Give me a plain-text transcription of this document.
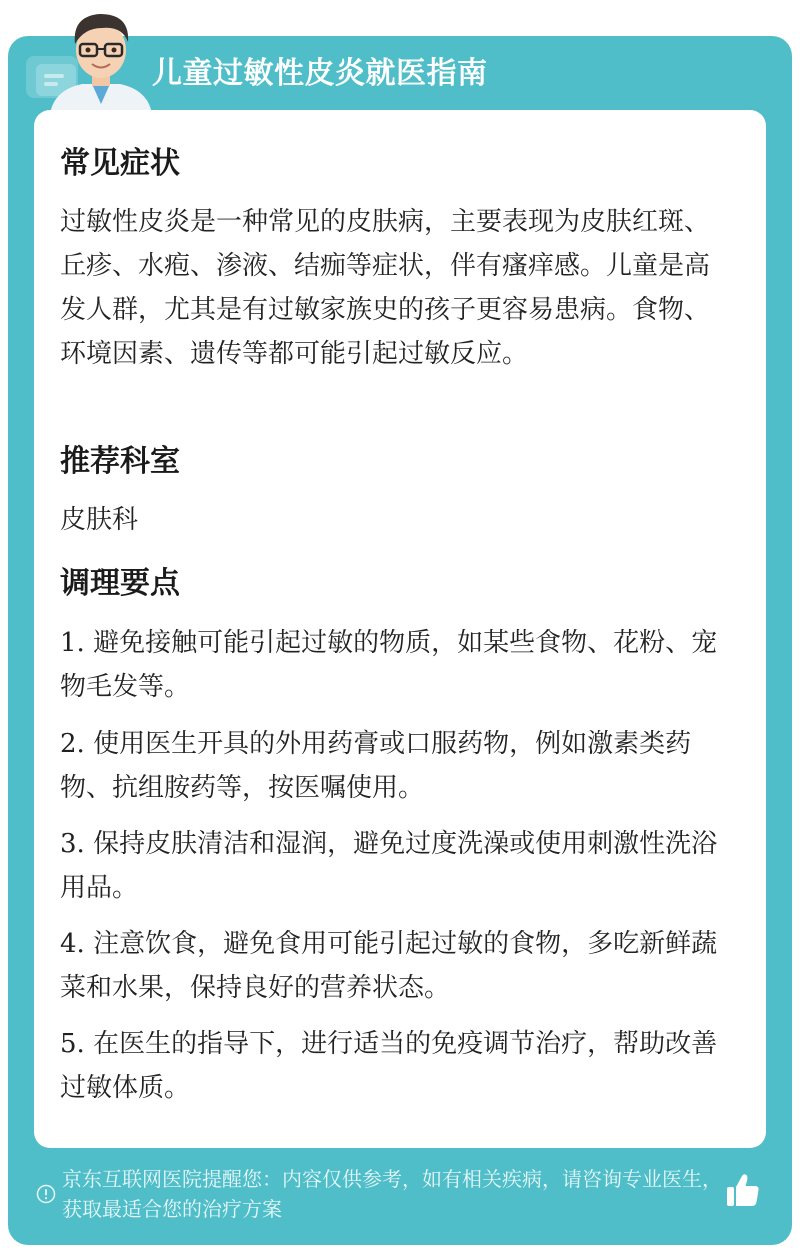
儿童过敏性皮炎就医指南
常见症状
过敏性皮炎是一种常见的皮肤病，主要表现为皮肤红斑、丘疹、水疱、渗液、结痂等症状，伴有瘙痒感。儿童是高发人群，尤其是有过敏家族史的孩子更容易患病。食物、环境因素、遗传等都可能引起过敏反应。
推荐科室
皮肤科
调理要点
1. 避免接触可能引起过敏的物质，如某些食物、花粉、宠物毛发等。
2. 使用医生开具的外用药膏或口服药物，例如激素类药物、抗组胺药等，按医嘱使用。
3. 保持皮肤清洁和湿润，避免过度洗澡或使用刺激性洗浴用品。
4. 注意饮食，避免食用可能引起过敏的食物，多吃新鲜蔬菜和水果，保持良好的营养状态。
5. 在医生的指导下，进行适当的免疫调节治疗，帮助改善过敏体质。
京东互联网医院提醒您：内容仅供参考，如有相关疾病，请咨询专业医生，获取最适合您的治疗方案
